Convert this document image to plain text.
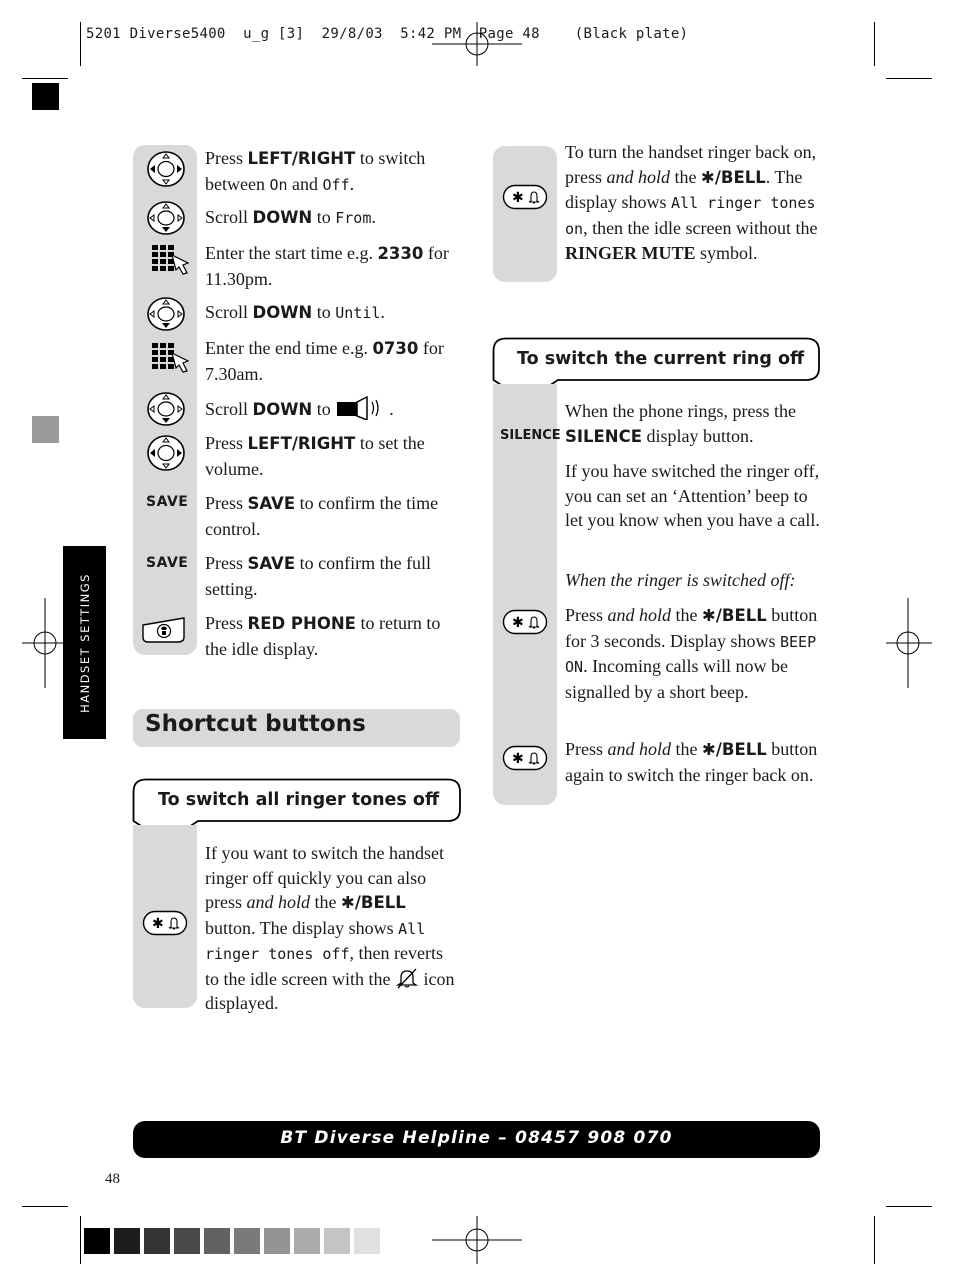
5201 Diverse5400  u_g [3]  29/8/03  5:42 PM  Page 48    (Black plate)
HANDSET SETTINGS
Press LEFT/RIGHT to switch between On and Off.
Scroll DOWN to From.
Enter the start time e.g. 2330 for 11.30pm.
Scroll DOWN to Until.
Enter the end time e.g. 0730 for 7.30am.
Scroll DOWN to	.
Press LEFT/RIGHT to set the volume.
SAVE Press SAVE to confirm the time control.
SAVE Press SAVE to confirm the full setting.
Press RED PHONE to return to the idle display.
Shortcut buttons
To switch all ringer tones off
✱
If you want to switch the handset ringer off quickly you can also press and hold the ✱/BELL button. The display shows All ringer tones off, then reverts to the idle screen with the  icon displayed.
✱
To turn the handset ringer back on, press and hold the ✱/BELL. The display shows All ringer tones on, then the idle screen without the RINGER MUTE symbol.
To switch the current ring off
SILENCE
When the phone rings, press the SILENCE display button.
If you have switched the ringer off, you can set an ‘Attention’ beep to let you know when you have a call.
When the ringer is switched off:
✱ Press and hold the ✱/BELL button for 3 seconds. Display shows BEEP ON. Incoming calls will now be signalled by a short beep.
✱ Press and hold the ✱/BELL button again to switch the ringer back on.
BT Diverse Helpline – 08457 908 070
48
